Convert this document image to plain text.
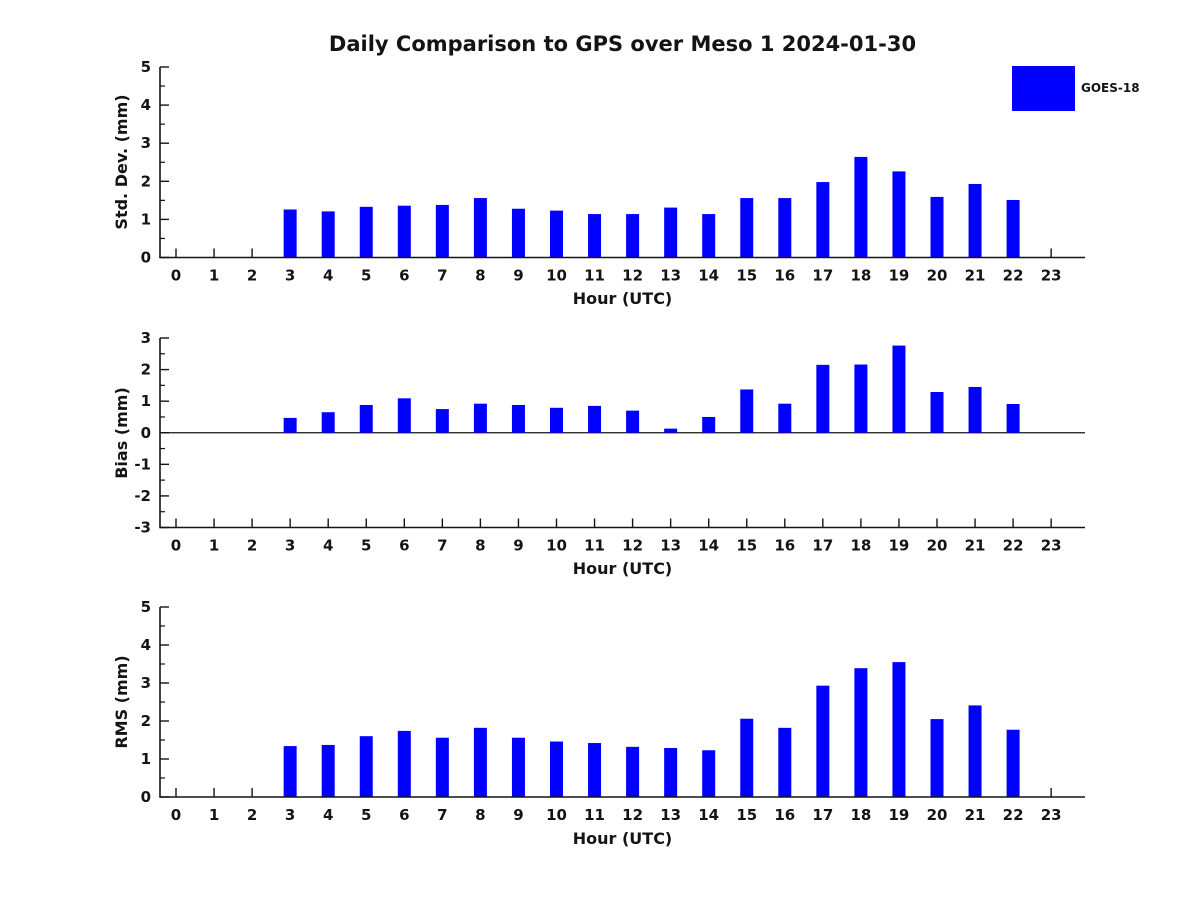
Daily Comparison to GPS over Meso 1 2024-01-30
GOES-18
0
1
2
3
4
5
0 1 2 3 4 5 6 7 8 9 10 11 12 13 14 15 16 17 18 19 20 21 22 23
3
2
1
0
-1
-2
-3
0 1 2 3 4 5 6 7 8 9 10 11 12 13 14 15 16 17 18 19 20 21 22 23
0
1
2
3
4
5
0 1 2 3 4 5 6 7 8 9 10 11 12 13 14 15 16 17 18 19 20 21 22 23
Std. Dev. (mm)
Bias (mm)
RMS (mm)
Hour (UTC)
Hour (UTC)
Hour (UTC)
